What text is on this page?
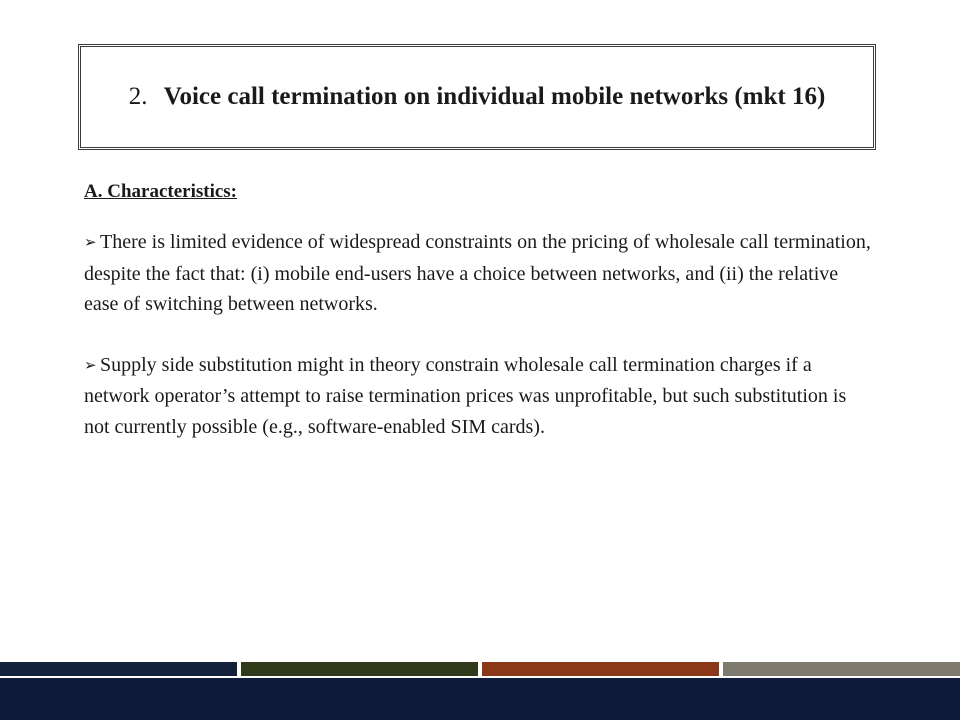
2. Voice call termination on individual mobile networks (mkt 16)
A. Characteristics:

➢ There is limited evidence of widespread constraints on the pricing of wholesale call termination, despite the fact that: (i) mobile end-users have a choice between networks, and (ii) the relative ease of switching between networks.

➢ Supply side substitution might in theory constrain wholesale call termination charges if a network operator’s attempt to raise termination prices was unprofitable, but such substitution is not currently possible (e.g., software-enabled SIM cards).
